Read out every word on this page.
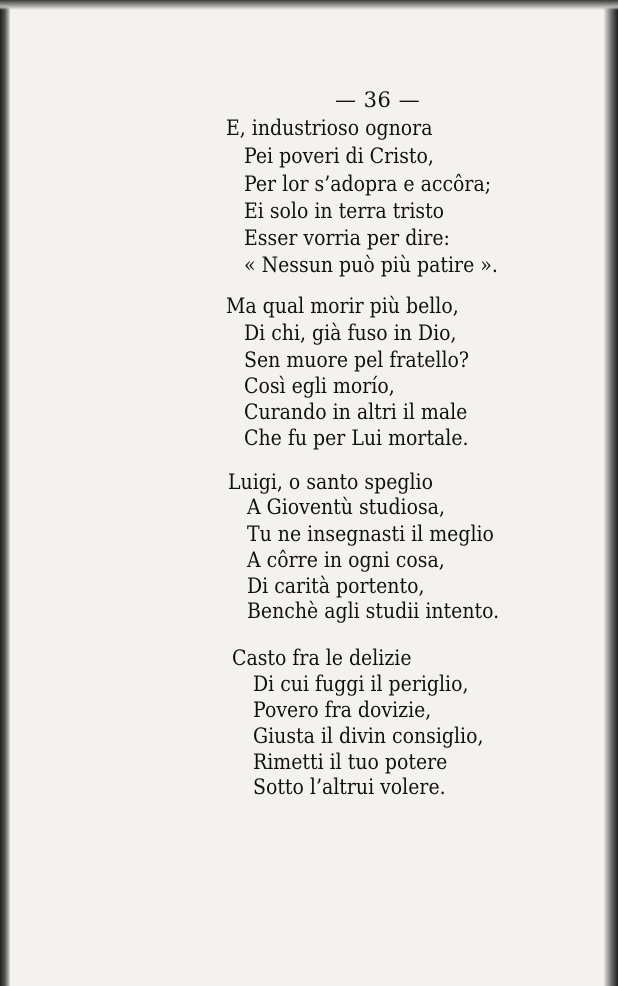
— 36 —
E, industrioso ognora
Pei poveri di Cristo,
Per lor s’adopra e accôra;
Ei solo in terra tristo
Esser vorria per dire:
« Nessun può più patire ».
Ma qual morir più bello,
Di chi, già fuso in Dio,
Sen muore pel fratello?
Così egli morío,
Curando in altri il male
Che fu per Lui mortale.
Luigi, o santo speglio
A Gioventù studiosa,
Tu ne insegnasti il meglio
A côrre in ogni cosa,
Di carità portento,
Benchè agli studii intento.
Casto fra le delizie
Di cui fuggi il periglio,
Povero fra dovizie,
Giusta il divin consiglio,
Rimetti il tuo potere
Sotto l’altrui volere.
